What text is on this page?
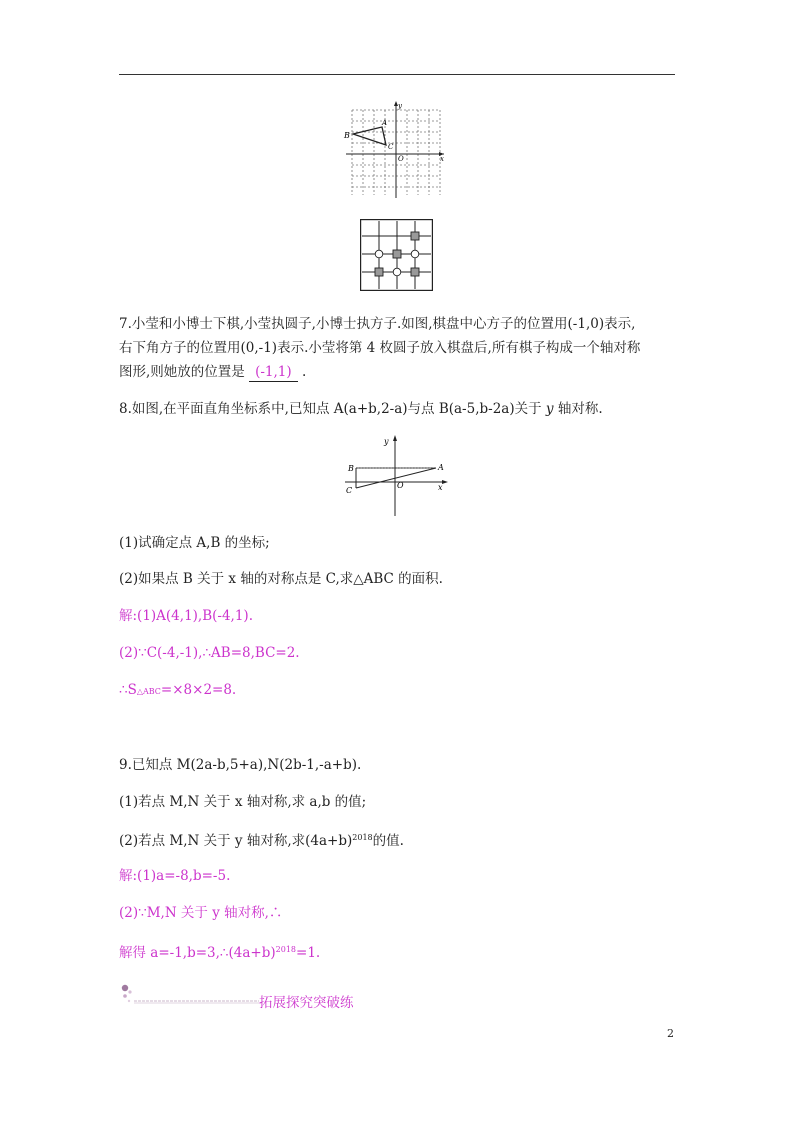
B
A
C
O	x
y
7.小莹和小博士下棋,小莹执圆子,小博士执方子.如图,棋盘中心方子的位置用(-1,0)表示,
右下角方子的位置用(0,-1)表示.小莹将第 4 枚圆子放入棋盘后,所有棋子构成一个轴对称
图形,则她放的位置是 (-1,1) .
8.如图,在平面直角坐标系中,已知点 A(a+b,2-a)与点 B(a-5,b-2a)关于 y 轴对称.
y
B	A
C
O	x
(1)试确定点 A,B 的坐标;
(2)如果点 B 关于 x 轴的对称点是 C,求△ABC 的面积.
解:(1)A(4,1),B(-4,1).
(2)∵C(-4,-1),∴AB=8,BC=2.
∴S△ABC=×8×2=8.
9.已知点 M(2a-b,5+a),N(2b-1,-a+b).
(1)若点 M,N 关于 x 轴对称,求 a,b 的值;
(2)若点 M,N 关于 y 轴对称,求$(4a+b)^{2018}$的值.
解:(1)a=-8,b=-5.
(2)∵M,N 关于 y 轴对称,∴
解得 $a=-1,b=3,\therefore(4a+b)^{2018}=1$.
拓展探究突破练
2
